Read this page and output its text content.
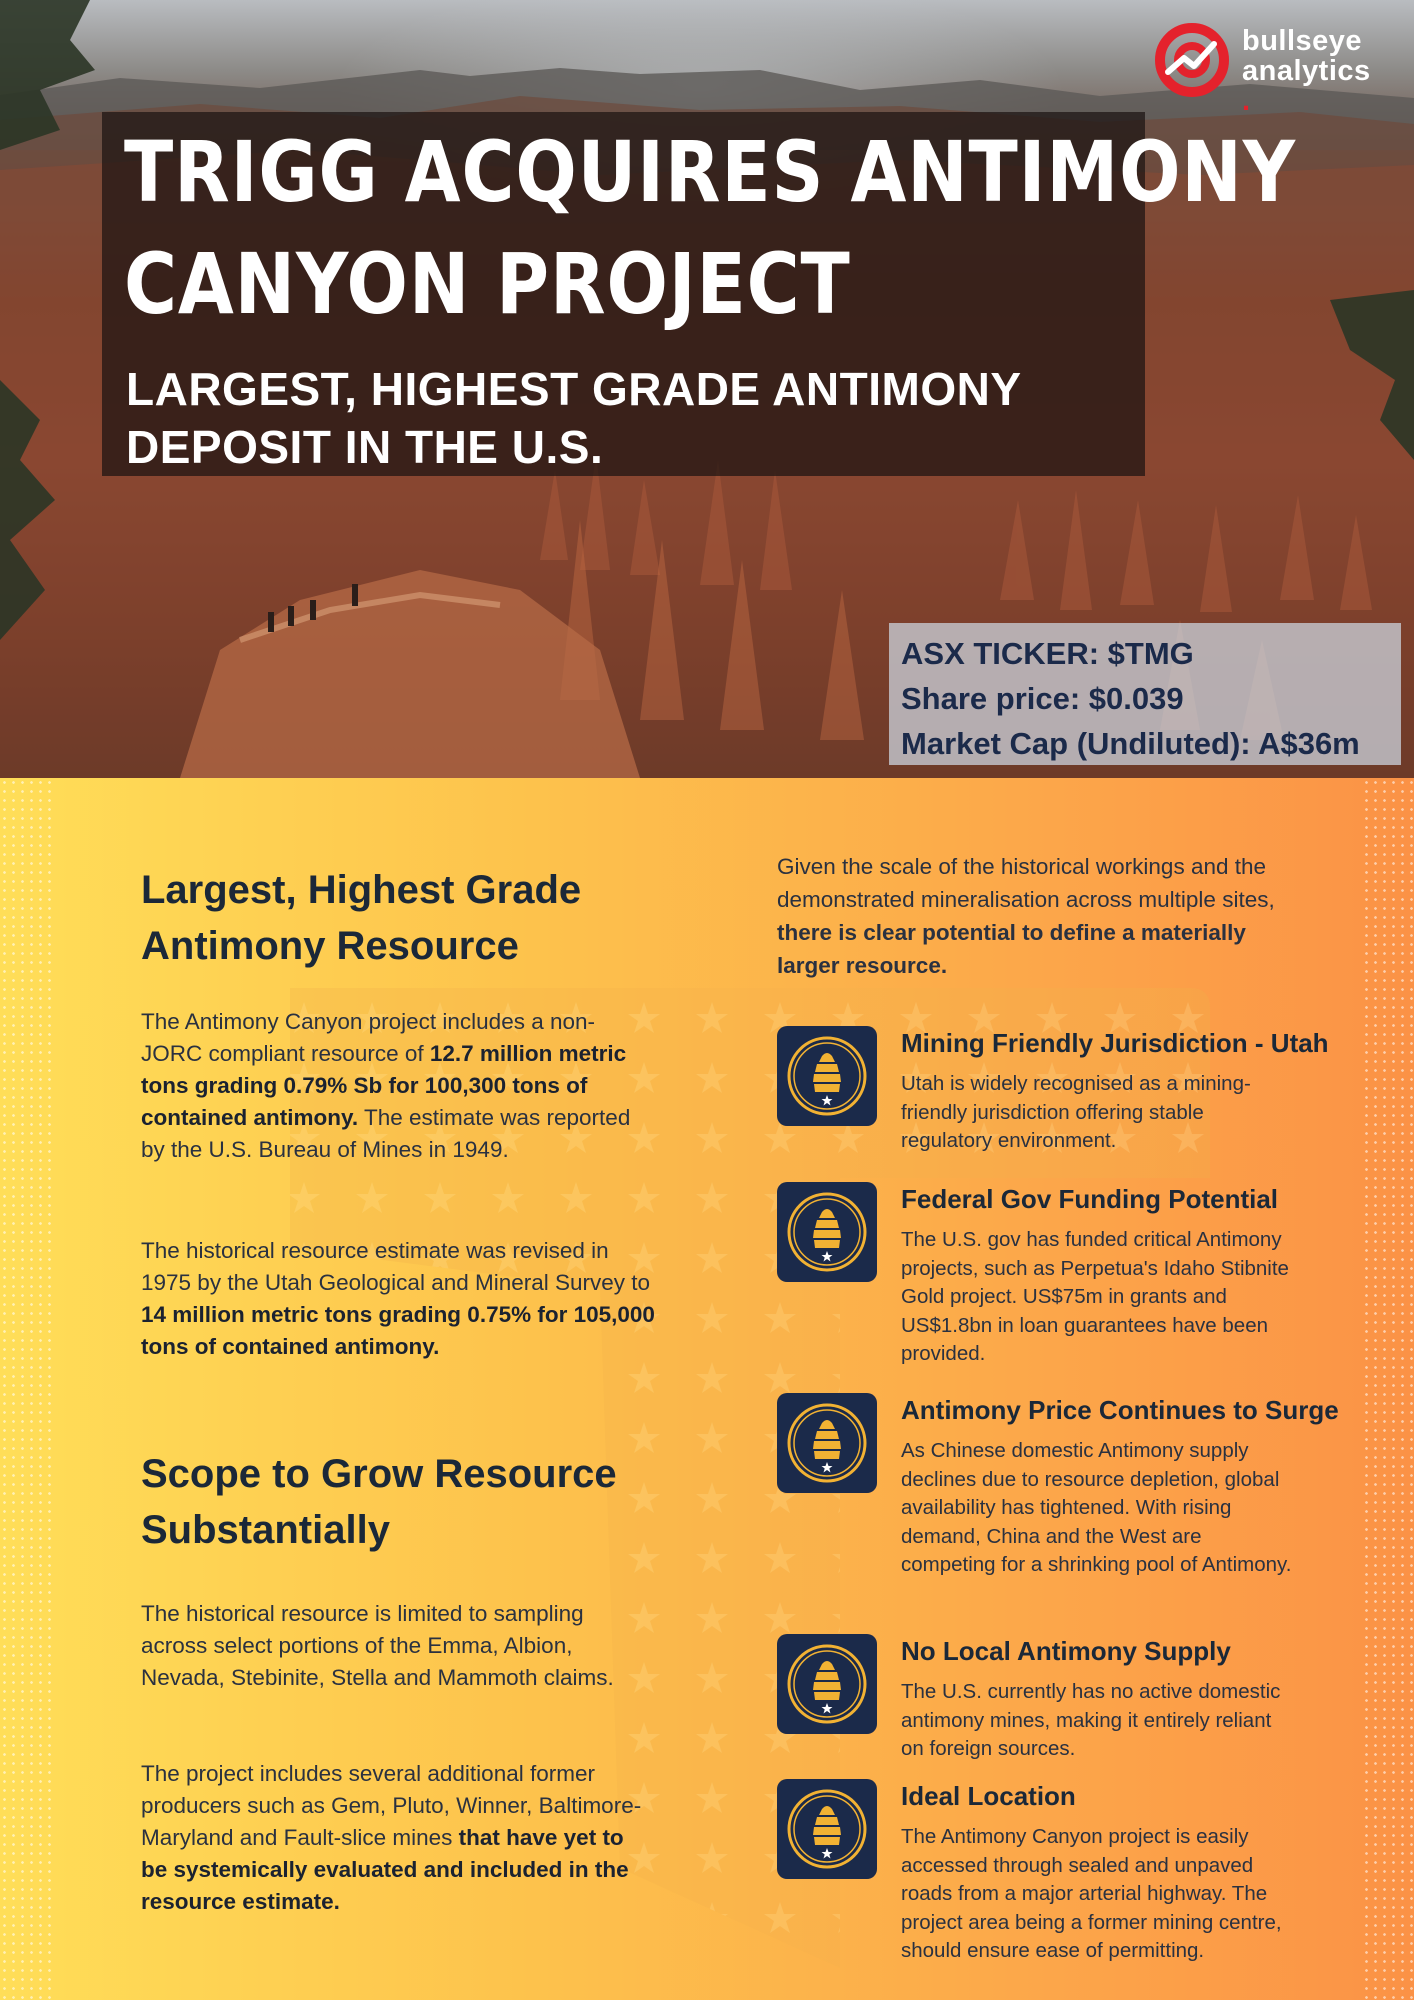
TRIGG ACQUIRES ANTIMONY
CANYON PROJECT
LARGEST, HIGHEST GRADE ANTIMONY
DEPOSIT IN THE U.S.
bullseye
analytics
.
ASX TICKER: $TMG
Share price: $0.039
Market Cap (Undiluted): A$36m
Largest, Highest Grade
Antimony Resource

The Antimony Canyon project includes a non-JORC compliant resource of 12.7 million metric tons grading 0.79% Sb for 100,300 tons of contained antimony. The estimate was reported by the U.S. Bureau of Mines in 1949.

The historical resource estimate was revised in 1975 by the Utah Geological and Mineral Survey to 14 million metric tons grading 0.75% for 105,000 tons of contained antimony.

Scope to Grow Resource
Substantially

The historical resource is limited to sampling across select portions of the Emma, Albion, Nevada, Stebinite, Stella and Mammoth claims.

The project includes several additional former producers such as Gem, Pluto, Winner, Baltimore-Maryland and Fault-slice mines that have yet to be systemically evaluated and included in the resource estimate.

Given the scale of the historical workings and the demonstrated mineralisation across multiple sites, there is clear potential to define a materially larger resource.

Mining Friendly Jurisdiction - Utah
Utah is widely recognised as a mining-friendly jurisdiction offering stable regulatory environment.
Federal Gov Funding Potential
The U.S. gov has funded critical Antimony projects, such as Perpetua's Idaho Stibnite Gold project. US$75m in grants and US$1.8bn in loan guarantees have been provided.
Antimony Price Continues to Surge
As Chinese domestic Antimony supply declines due to resource depletion, global availability has tightened. With rising demand, China and the West are competing for a shrinking pool of Antimony.
No Local Antimony Supply
The U.S. currently has no active domestic antimony mines, making it entirely reliant on foreign sources.
Ideal Location
The Antimony Canyon project is easily accessed through sealed and unpaved roads from a major arterial highway. The project area being a former mining centre, should ensure ease of permitting.
